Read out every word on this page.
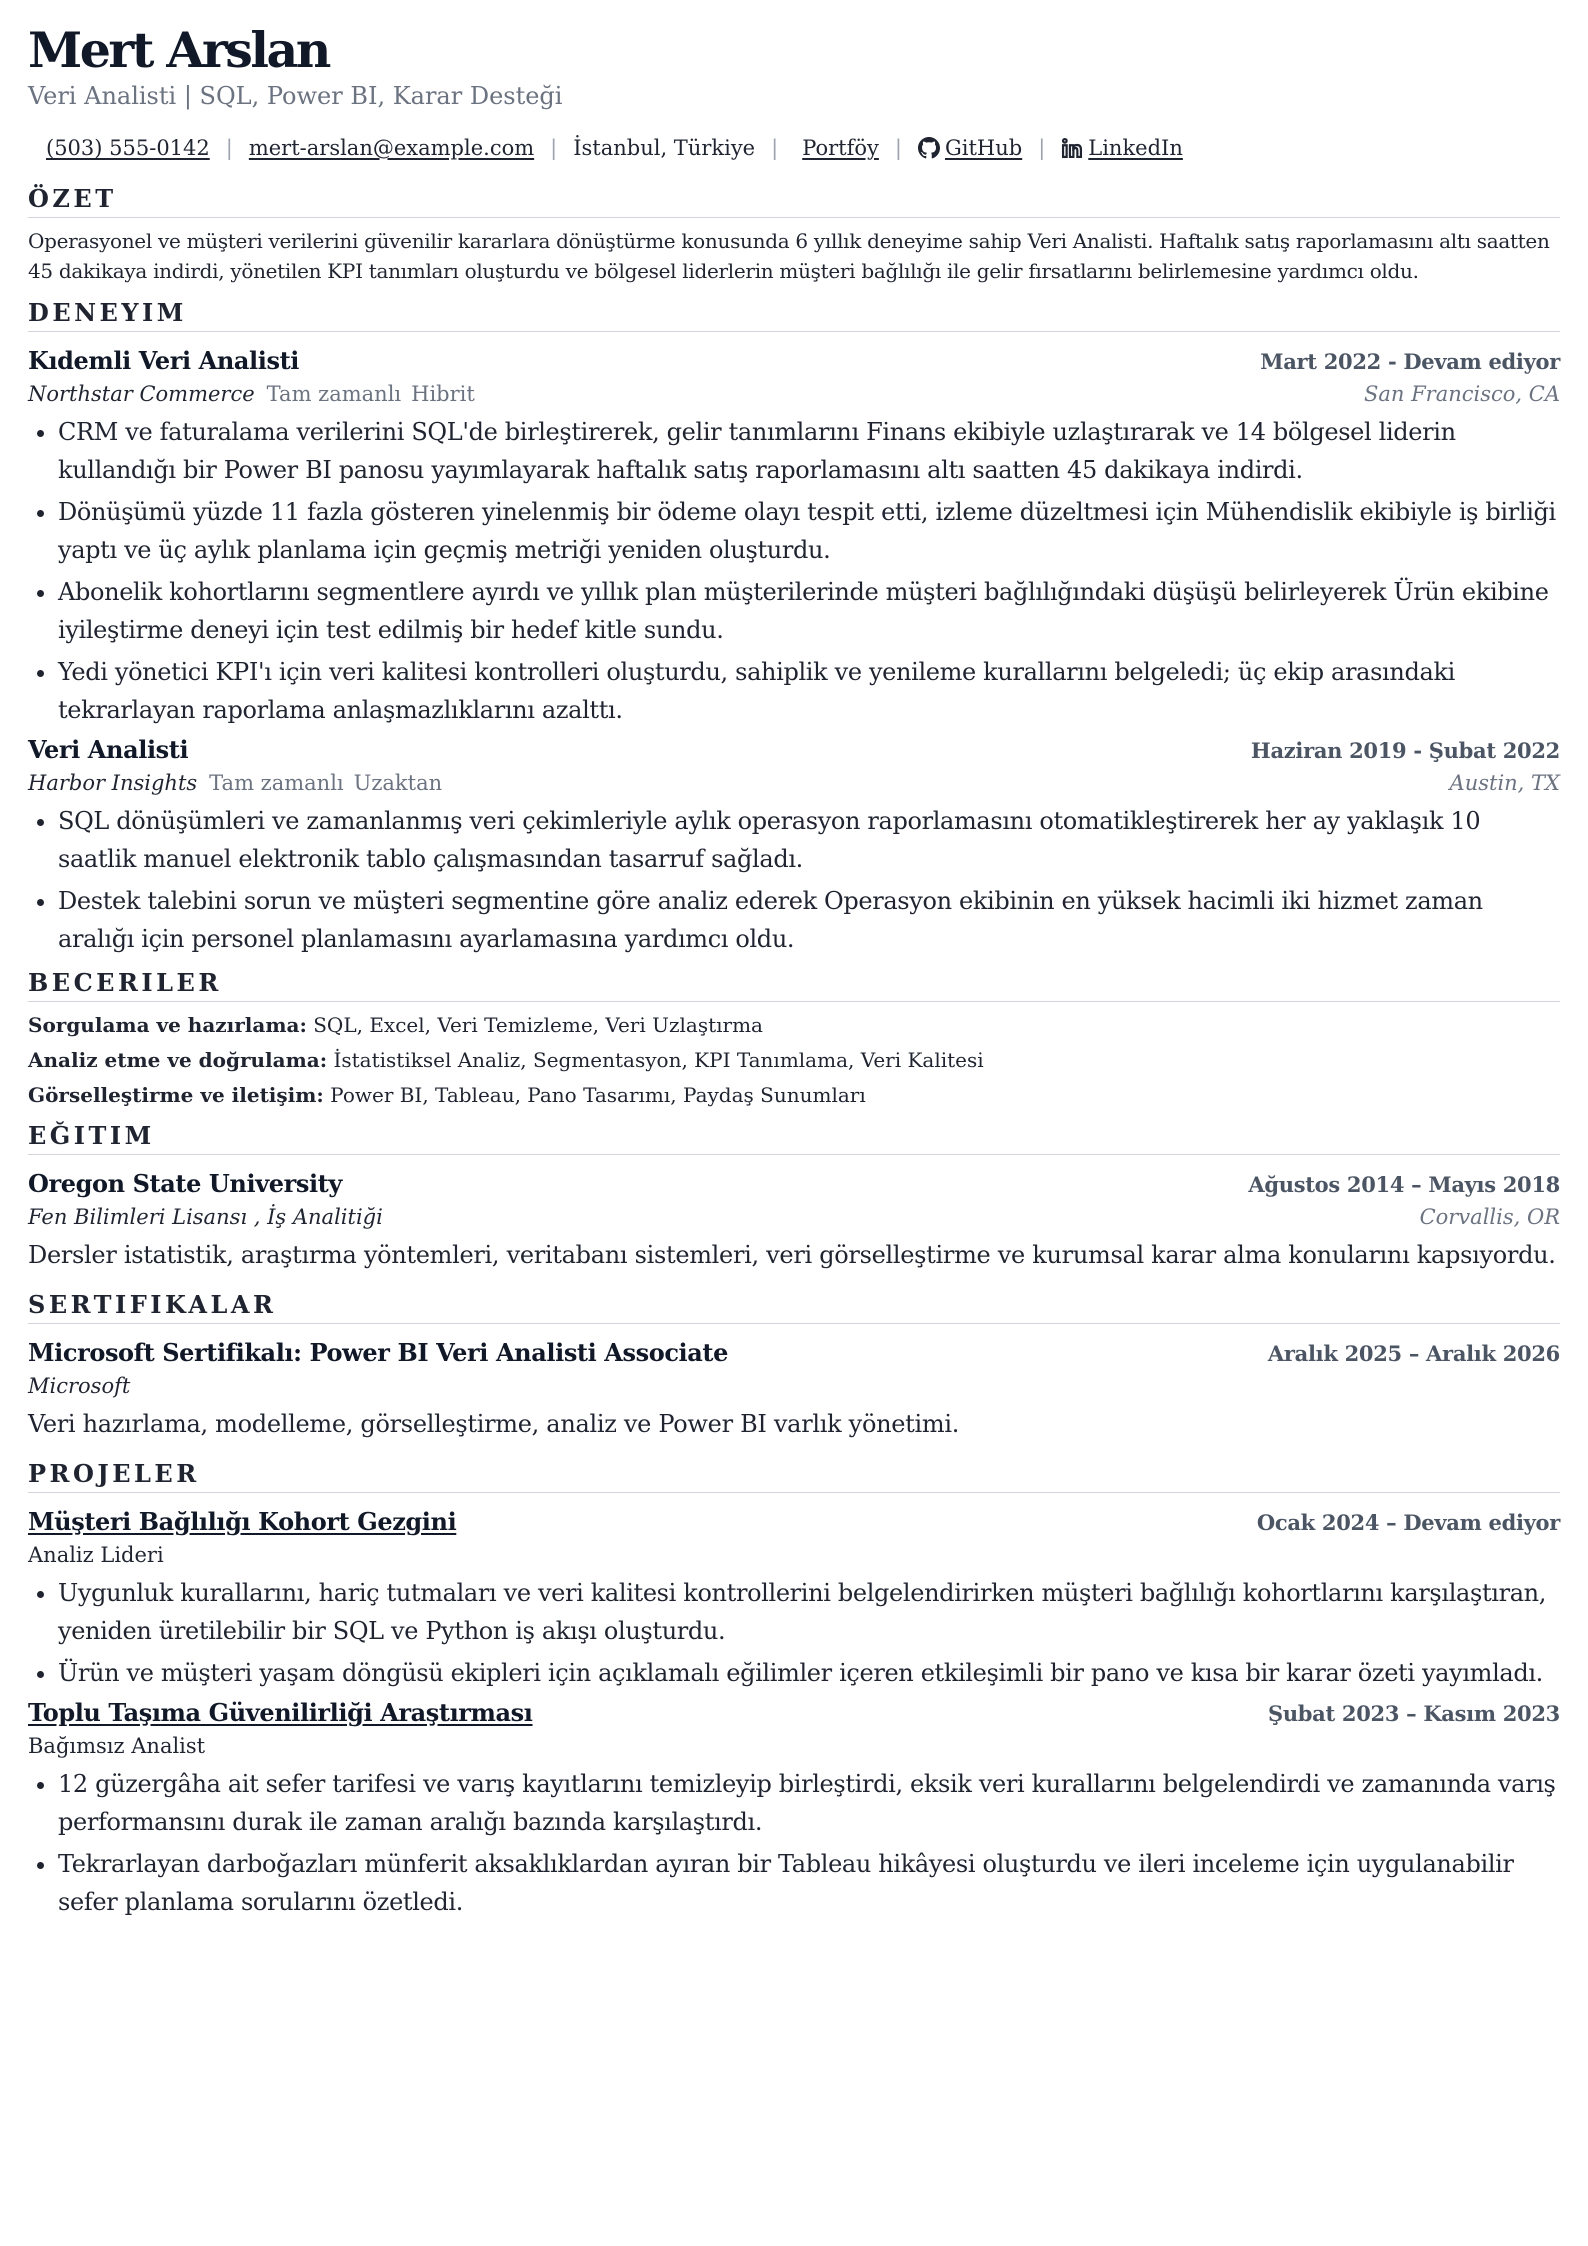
Mert Arslan
Veri Analisti | SQL, Power BI, Karar Desteği
(503) 555-0142 | mert-arslan@example.com | İstanbul, Türkiye | Portföy | GitHub | LinkedIn
ÖZET
Operasyonel ve müşteri verilerini güvenilir kararlara dönüştürme konusunda 6 yıllık deneyime sahip Veri Analisti. Haftalık satış raporlamasını altı saatten 45 dakikaya indirdi, yönetilen KPI tanımları oluşturdu ve bölgesel liderlerin müşteri bağlılığı ile gelir fırsatlarını belirlemesine yardımcı oldu.
DENEYIM
Kıdemli Veri Analisti	Mart 2022 - Devam ediyor
Northstar Commerce Tam zamanlı Hibrit	San Francisco, CA
• CRM ve faturalama verilerini SQL'de birleştirerek, gelir tanımlarını Finans ekibiyle uzlaştırarak ve 14 bölgesel liderin kullandığı bir Power BI panosu yayımlayarak haftalık satış raporlamasını altı saatten 45 dakikaya indirdi.
• Dönüşümü yüzde 11 fazla gösteren yinelenmiş bir ödeme olayı tespit etti, izleme düzeltmesi için Mühendislik ekibiyle iş birliği yaptı ve üç aylık planlama için geçmiş metriği yeniden oluşturdu.
• Abonelik kohortlarını segmentlere ayırdı ve yıllık plan müşterilerinde müşteri bağlılığındaki düşüşü belirleyerek Ürün ekibine iyileştirme deneyi için test edilmiş bir hedef kitle sundu.
• Yedi yönetici KPI'ı için veri kalitesi kontrolleri oluşturdu, sahiplik ve yenileme kurallarını belgeledi; üç ekip arasındaki tekrarlayan raporlama anlaşmazlıklarını azalttı.
Veri Analisti	Haziran 2019 - Şubat 2022
Harbor Insights Tam zamanlı Uzaktan	Austin, TX
• SQL dönüşümleri ve zamanlanmış veri çekimleriyle aylık operasyon raporlamasını otomatikleştirerek her ay yaklaşık 10 saatlik manuel elektronik tablo çalışmasından tasarruf sağladı.
• Destek talebini sorun ve müşteri segmentine göre analiz ederek Operasyon ekibinin en yüksek hacimli iki hizmet zaman aralığı için personel planlamasını ayarlamasına yardımcı oldu.
BECERILER
Sorgulama ve hazırlama: SQL, Excel, Veri Temizleme, Veri Uzlaştırma
Analiz etme ve doğrulama: İstatistiksel Analiz, Segmentasyon, KPI Tanımlama, Veri Kalitesi
Görselleştirme ve iletişim: Power BI, Tableau, Pano Tasarımı, Paydaş Sunumları
EĞITIM
Oregon State University	Ağustos 2014 – Mayıs 2018
Fen Bilimleri Lisansı , İş Analitiği	Corvallis, OR
Dersler istatistik, araştırma yöntemleri, veritabanı sistemleri, veri görselleştirme ve kurumsal karar alma konularını kapsıyordu.
SERTIFIKALAR
Microsoft Sertifikalı: Power BI Veri Analisti Associate	Aralık 2025 – Aralık 2026
Microsoft
Veri hazırlama, modelleme, görselleştirme, analiz ve Power BI varlık yönetimi.
PROJELER
Müşteri Bağlılığı Kohort Gezgini	Ocak 2024 – Devam ediyor
Analiz Lideri
• Uygunluk kurallarını, hariç tutmaları ve veri kalitesi kontrollerini belgelendirirken müşteri bağlılığı kohortlarını karşılaştıran, yeniden üretilebilir bir SQL ve Python iş akışı oluşturdu.
• Ürün ve müşteri yaşam döngüsü ekipleri için açıklamalı eğilimler içeren etkileşimli bir pano ve kısa bir karar özeti yayımladı.
Toplu Taşıma Güvenilirliği Araştırması	Şubat 2023 – Kasım 2023
Bağımsız Analist
• 12 güzergâha ait sefer tarifesi ve varış kayıtlarını temizleyip birleştirdi, eksik veri kurallarını belgelendirdi ve zamanında varış performansını durak ile zaman aralığı bazında karşılaştırdı.
• Tekrarlayan darboğazları münferit aksaklıklardan ayıran bir Tableau hikâyesi oluşturdu ve ileri inceleme için uygulanabilir sefer planlama sorularını özetledi.
